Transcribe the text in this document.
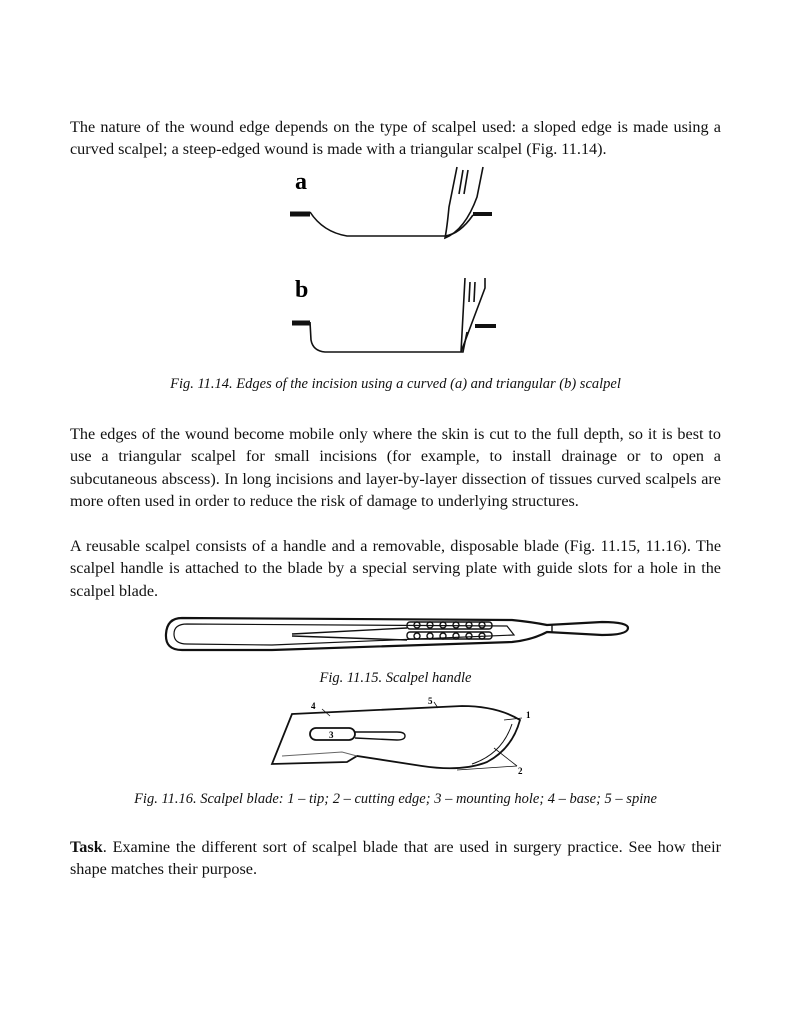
The nature of the wound edge depends on the type of scalpel used: a sloped edge is made using a curved scalpel; a steep-edged wound is made with a triangular scalpel (Fig. 11.14).

a
b

Fig. 11.14. Edges of the incision using a curved (a) and triangular (b) scalpel

The edges of the wound become mobile only where the skin is cut to the full depth, so it is best to use a triangular scalpel for small incisions (for example, to install drainage or to open a subcutaneous abscess). In long incisions and layer-by-layer dissection of tissues curved scalpels are more often used in order to reduce the risk of damage to underlying structures.

A reusable scalpel consists of a handle and a removable, disposable blade (Fig. 11.15, 11.16). The scalpel handle is attached to the blade by a special serving plate with guide slots for a hole in the scalpel blade.

Fig. 11.15. Scalpel handle

4	5
1
2
3

Fig. 11.16. Scalpel blade: 1 – tip; 2 – cutting edge; 3 – mounting hole; 4 – base; 5 – spine

Task. Examine the different sort of scalpel blade that are used in surgery practice. See how their shape matches their purpose.
